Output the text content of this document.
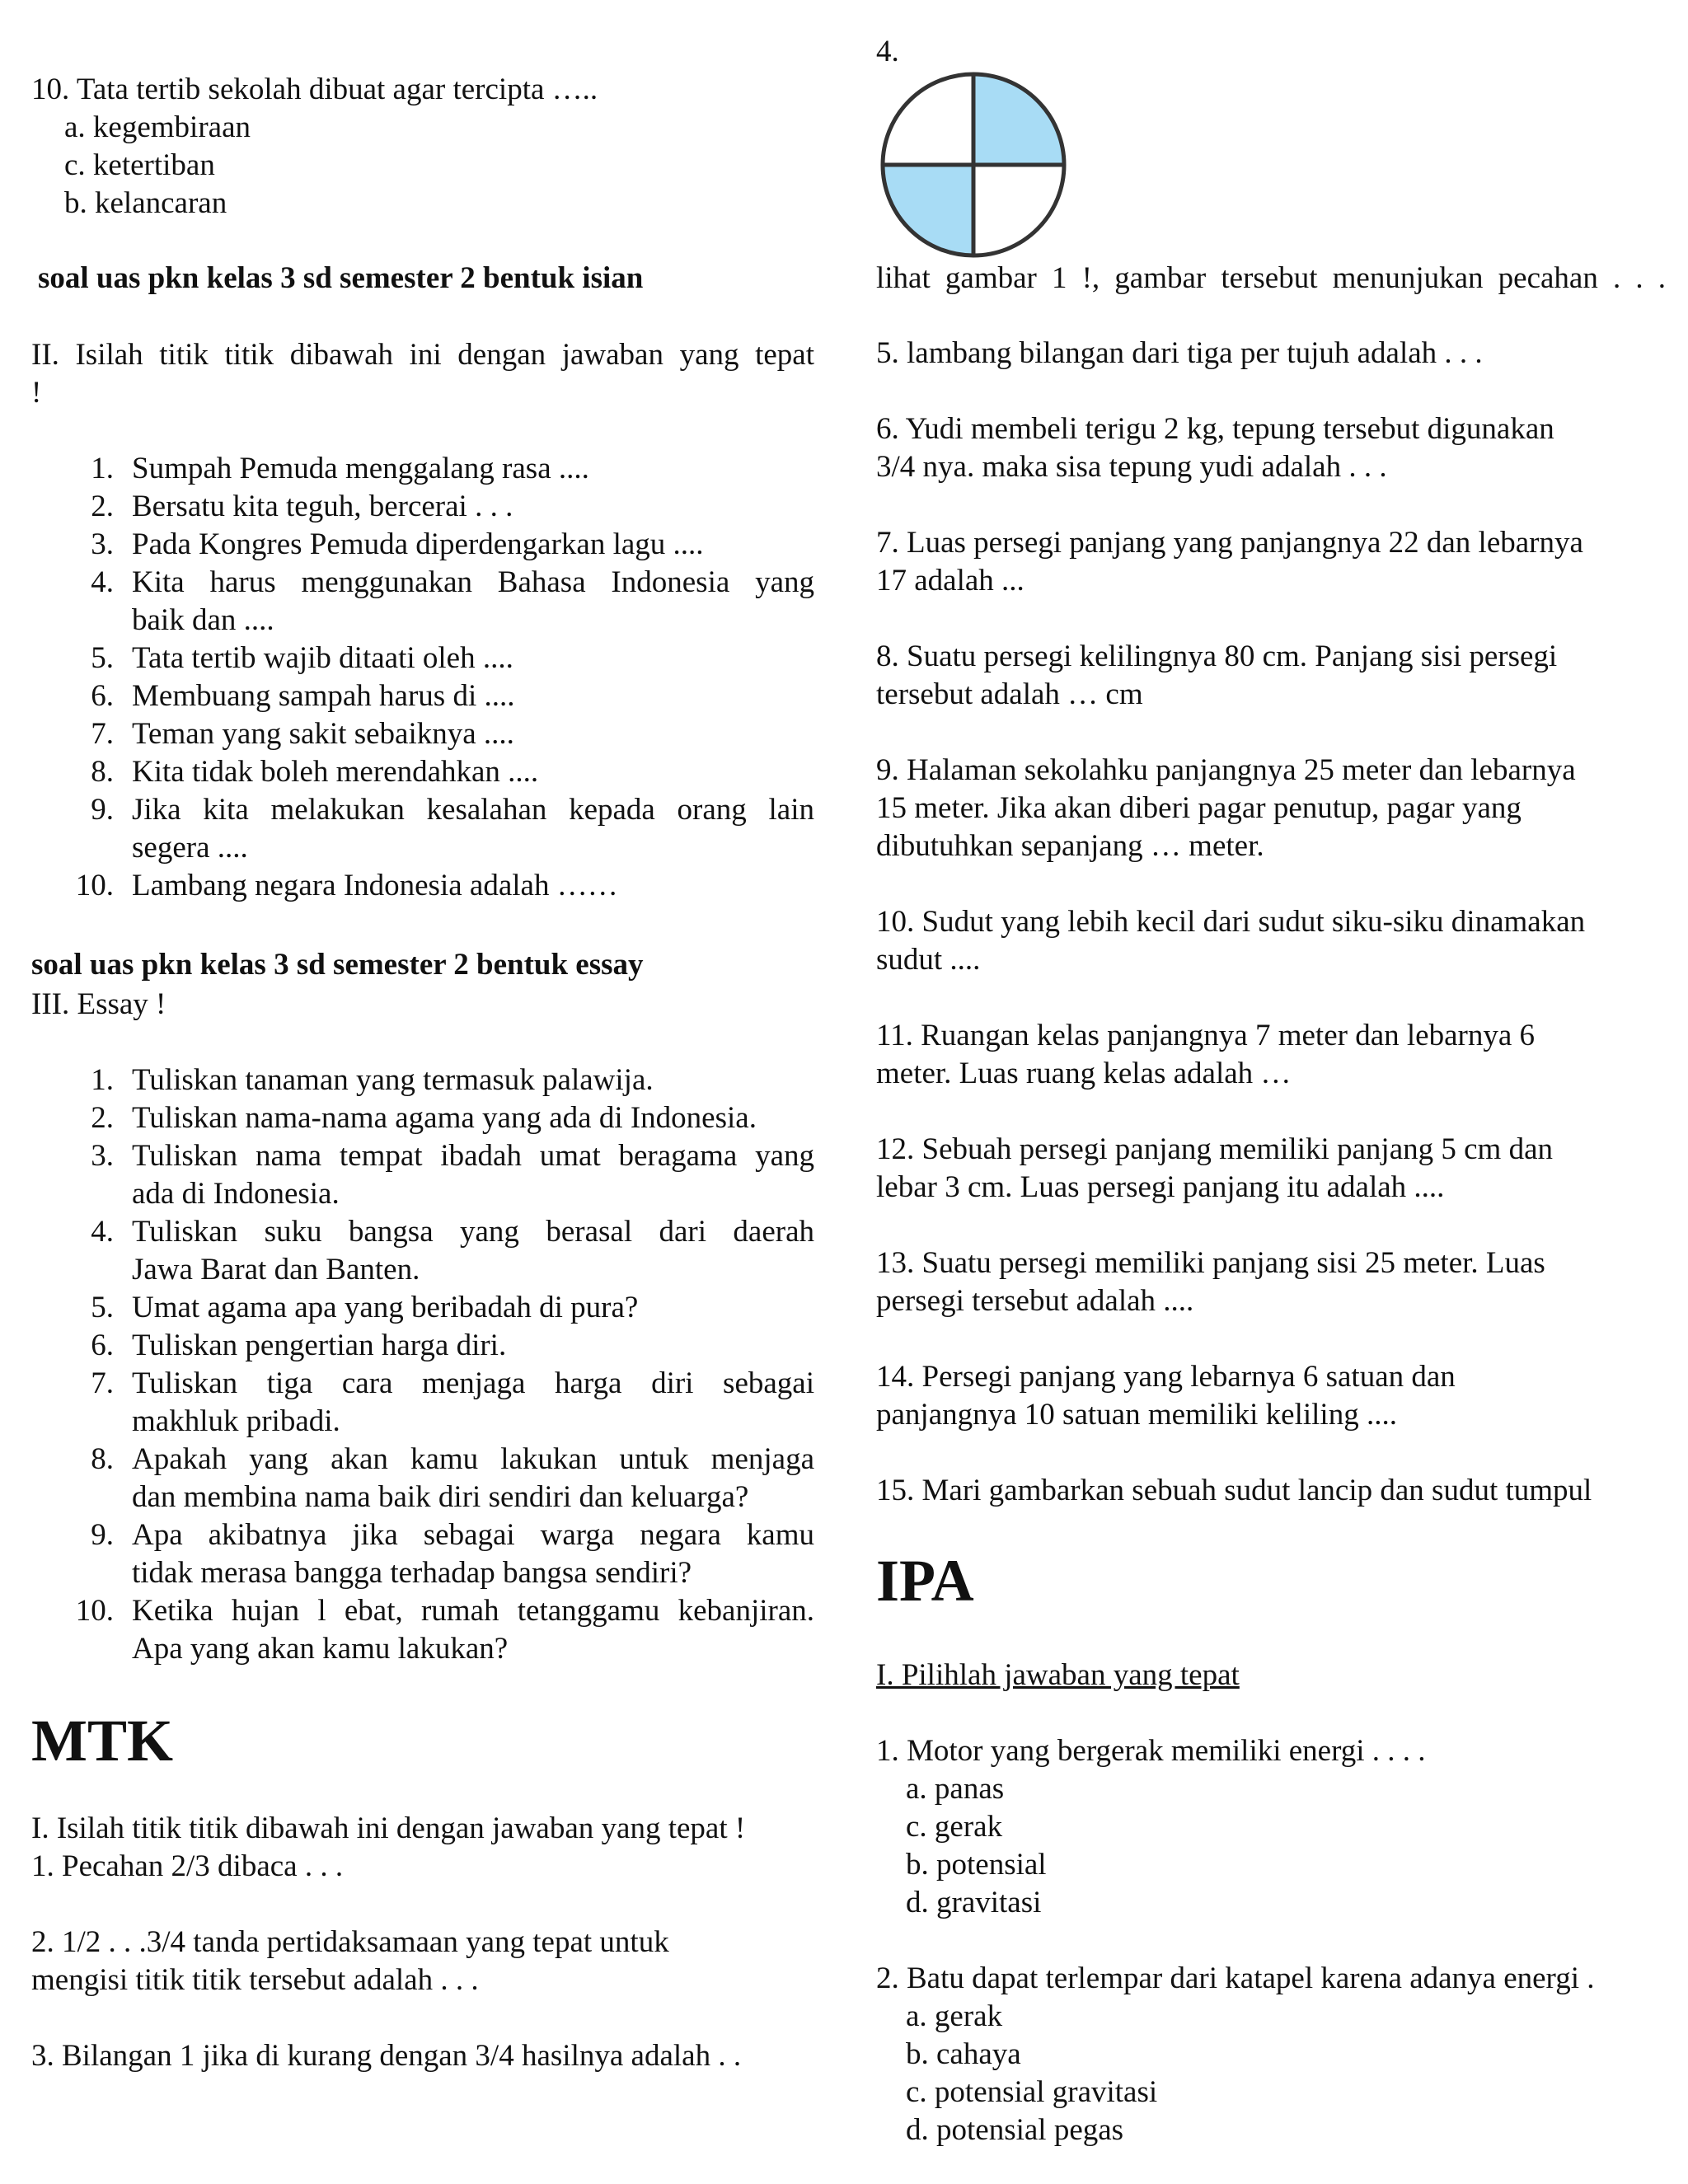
10. Tata tertib sekolah dibuat agar tercipta …..
a. kegembiraan
c. ketertiban
b. kelancaran
soal uas pkn kelas 3 sd semester 2 bentuk isian
II. Isilah titik titik dibawah ini dengan jawaban yang tepat
!
1. Sumpah Pemuda menggalang rasa ....
2. Bersatu kita teguh, bercerai . . .
3. Pada Kongres Pemuda diperdengarkan lagu ....
4. Kita harus menggunakan Bahasa Indonesia yang
baik dan ....
5. Tata tertib wajib ditaati oleh ....
6. Membuang sampah harus di ....
7. Teman yang sakit sebaiknya ....
8. Kita tidak boleh merendahkan ....
9. Jika kita melakukan kesalahan kepada orang lain
segera ....
10. Lambang negara Indonesia adalah ……
soal uas pkn kelas 3 sd semester 2 bentuk essay
III. Essay !
1. Tuliskan tanaman yang termasuk palawija.
2. Tuliskan nama-nama agama yang ada di Indonesia.
3. Tuliskan nama tempat ibadah umat beragama yang
ada di Indonesia.
4. Tuliskan suku bangsa yang berasal dari daerah
Jawa Barat dan Banten.
5. Umat agama apa yang beribadah di pura?
6. Tuliskan pengertian harga diri.
7. Tuliskan tiga cara menjaga harga diri sebagai
makhluk pribadi.
8. Apakah yang akan kamu lakukan untuk menjaga
dan membina nama baik diri sendiri dan keluarga?
9. Apa akibatnya jika sebagai warga negara kamu
tidak merasa bangga terhadap bangsa sendiri?
10. Ketika hujan l ebat, rumah tetanggamu kebanjiran.
Apa yang akan kamu lakukan?
MTK
I. Isilah titik titik dibawah ini dengan jawaban yang tepat !
1. Pecahan 2/3 dibaca . . .
2. 1/2 . . .3/4 tanda pertidaksamaan yang tepat untuk
mengisi titik titik tersebut adalah . . .
3. Bilangan 1 jika di kurang dengan 3/4 hasilnya adalah . .
4.
lihat gambar 1 !, gambar tersebut menunjukan pecahan . . .
5. lambang bilangan dari tiga per tujuh adalah . . .
6. Yudi membeli terigu 2 kg, tepung tersebut digunakan
3/4 nya. maka sisa tepung yudi adalah . . .
7. Luas persegi panjang yang panjangnya 22 dan lebarnya
17 adalah ...
8. Suatu persegi kelilingnya 80 cm. Panjang sisi persegi
tersebut adalah … cm
9. Halaman sekolahku panjangnya 25 meter dan lebarnya
15 meter. Jika akan diberi pagar penutup, pagar yang
dibutuhkan sepanjang … meter.
10. Sudut yang lebih kecil dari sudut siku-siku dinamakan
sudut ....
11. Ruangan kelas panjangnya 7 meter dan lebarnya 6
meter. Luas ruang kelas adalah …
12. Sebuah persegi panjang memiliki panjang 5 cm dan
lebar 3 cm. Luas persegi panjang itu adalah ....
13. Suatu persegi memiliki panjang sisi 25 meter. Luas
persegi tersebut adalah ....
14. Persegi panjang yang lebarnya 6 satuan dan
panjangnya 10 satuan memiliki keliling ....
15. Mari gambarkan sebuah sudut lancip dan sudut tumpul
IPA
I. Pilihlah jawaban yang tepat
1. Motor yang bergerak memiliki energi . . . .
a. panas
c. gerak
b. potensial
d. gravitasi
2. Batu dapat terlempar dari katapel karena adanya energi .
a. gerak
b. cahaya
c. potensial gravitasi
d. potensial pegas
